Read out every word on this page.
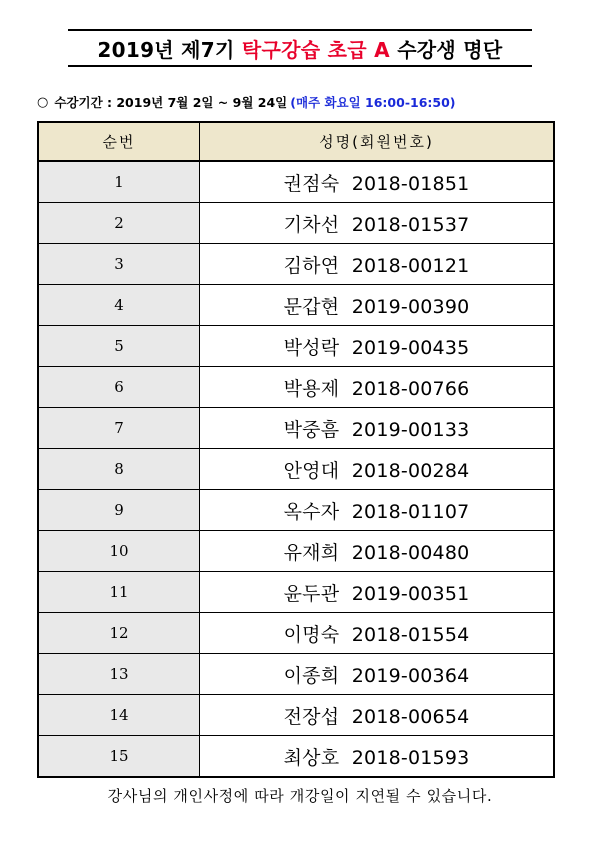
2019년 제7기 탁구강습 초급 A 수강생 명단
○ 수강기간 : 2019년 7월 2일 ~ 9월 24일 (매주 화요일 16:00-16:50)
순번	성명(회원번호)
1	권점숙 2018-01851
2	기차선 2018-01537
3	김하연 2018-00121
4	문갑현 2019-00390
5	박성락 2019-00435
6	박용제 2018-00766
7	박중흠 2019-00133
8	안영대 2018-00284
9	옥수자 2018-01107
10	유재희 2018-00480
11	윤두관 2019-00351
12	이명숙 2018-01554
13	이종희 2019-00364
14	전장섭 2018-00654
15	최상호 2018-01593
강사님의 개인사정에 따라 개강일이 지연될 수 있습니다.
